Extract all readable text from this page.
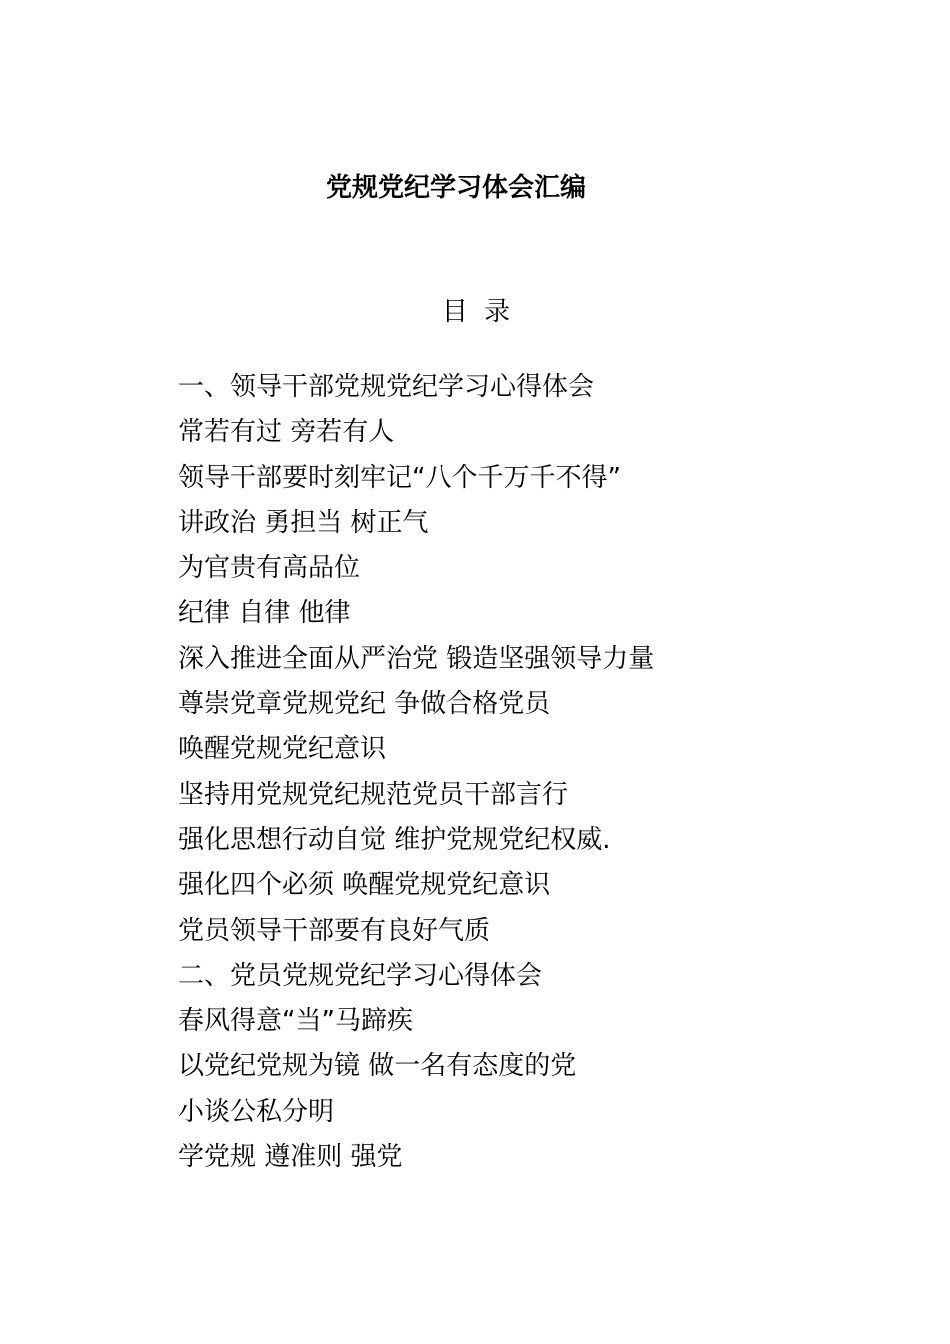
党规党纪学习体会汇编
目 录
一、领导干部党规党纪学习心得体会
常若有过 旁若有人
领导干部要时刻牢记“八个千万千不得”
讲政治 勇担当 树正气
为官贵有高品位
纪律 自律 他律
深入推进全面从严治党 锻造坚强领导力量
尊崇党章党规党纪 争做合格党员
唤醒党规党纪意识
坚持用党规党纪规范党员干部言行
强化思想行动自觉 维护党规党纪权威.
强化四个必须 唤醒党规党纪意识
党员领导干部要有良好气质
二、党员党规党纪学习心得体会
春风得意“当”马蹄疾
以党纪党规为镜 做一名有态度的党
小谈公私分明
学党规 遵准则 强党
